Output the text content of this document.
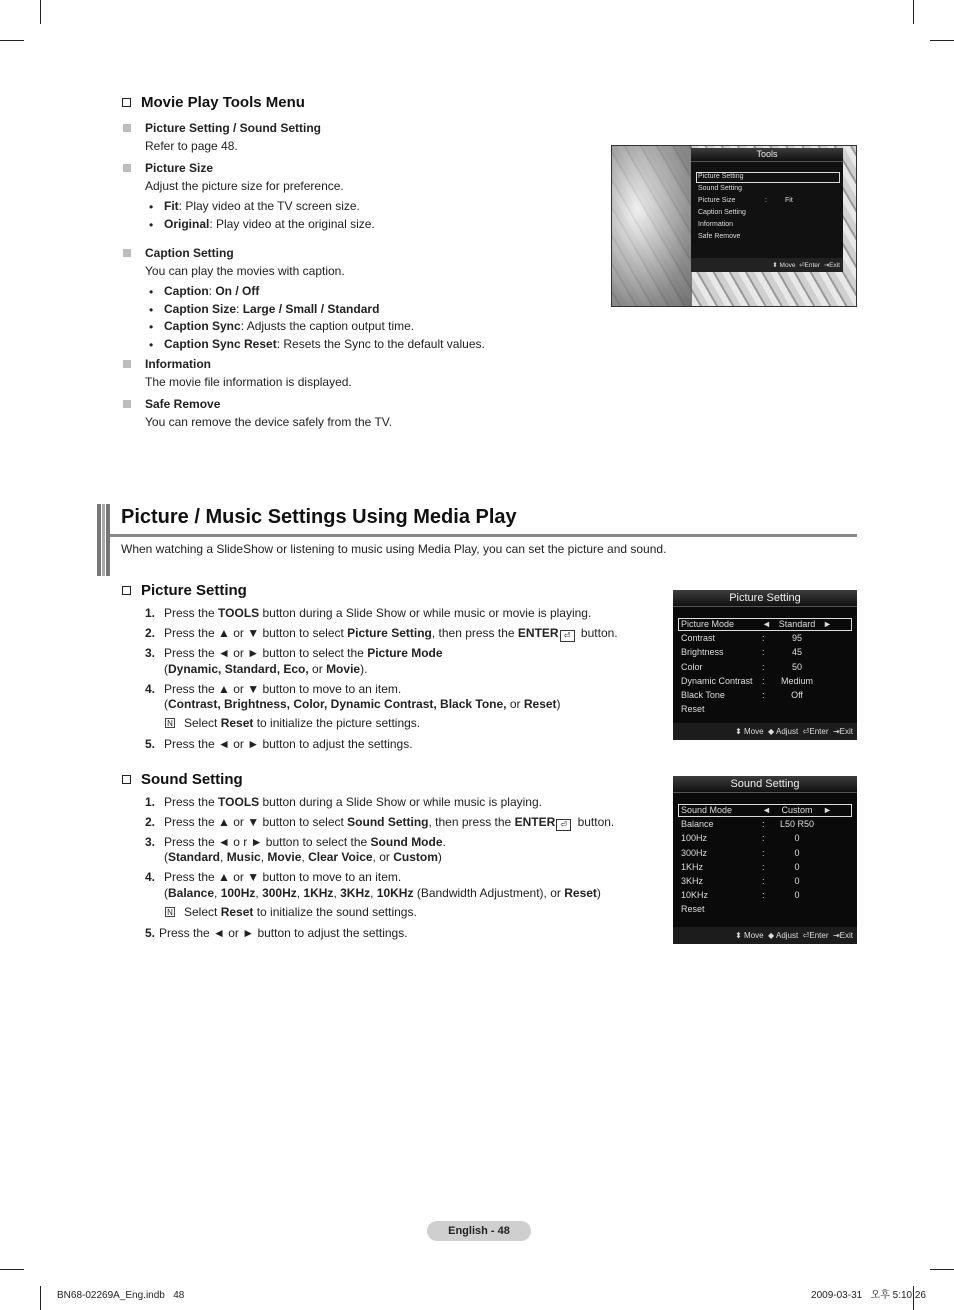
Movie Play Tools Menu
Picture Setting / Sound Setting
Refer to page 48.
Picture Size
Adjust the picture size for preference.
• Fit: Play video at the TV screen size.
• Original: Play video at the original size.
Caption Setting
You can play the movies with caption.
• Caption: On / Off
• Caption Size: Large / Small / Standard
• Caption Sync: Adjusts the caption output time.
• Caption Sync Reset: Resets the Sync to the default values.
Information
The movie file information is displayed.
Safe Remove
You can remove the device safely from the TV.
Tools
Picture Setting
Sound Setting
Picture Size	:	Fit
Caption Setting
Information
Safe Remove
⬍ Move ⏎Enter ⇥Exit
Picture / Music Settings Using Media Play
When watching a SlideShow or listening to music using Media Play, you can set the picture and sound.
Picture Setting
1. Press the TOOLS button during a Slide Show or while music or movie is playing.
2. Press the ▲ or ▼ button to select Picture Setting, then press the ENTER ⏎ button.
3. Press the ◄ or ► button to select the Picture Mode
(Dynamic, Standard, Eco, or Movie).
4. Press the ▲ or ▼ button to move to an item.
(Contrast, Brightness, Color, Dynamic Contrast, Black Tone, or Reset)
N Select Reset to initialize the picture settings.
5. Press the ◄ or ► button to adjust the settings.
Picture Setting
Picture Mode	◄ Standard ►
Contrast	:	95
Brightness	:	45
Color	:	50
Dynamic Contrast :	Medium
Black Tone	:	Off
Reset
⬍ Move ◆ Adjust ⏎Enter ⇥Exit
Sound Setting
1. Press the TOOLS button during a Slide Show or while music is playing.
2. Press the ▲ or ▼ button to select Sound Setting, then press the ENTER ⏎ button.
3. Press the ◄ o r ► button to select the Sound Mode.
(Standard, Music, Movie, Clear Voice, or Custom)
4. Press the ▲ or ▼ button to move to an item.
(Balance, 100Hz, 300Hz, 1KHz, 3KHz, 10KHz (Bandwidth Adjustment), or Reset)
N Select Reset to initialize the sound settings.
5. Press the ◄ or ► button to adjust the settings.
Sound Setting
Sound Mode	◄	Custom	►
Balance	:	L50 R50
100Hz	:	0
300Hz	:	0
1KHz	:	0
3KHz	:	0
10KHz	:	0
Reset
⬍ Move ◆ Adjust ⏎Enter ⇥Exit
English - 48
BN68-02269A_Eng.indb   48	2009-03-31   오후 5:10:26
